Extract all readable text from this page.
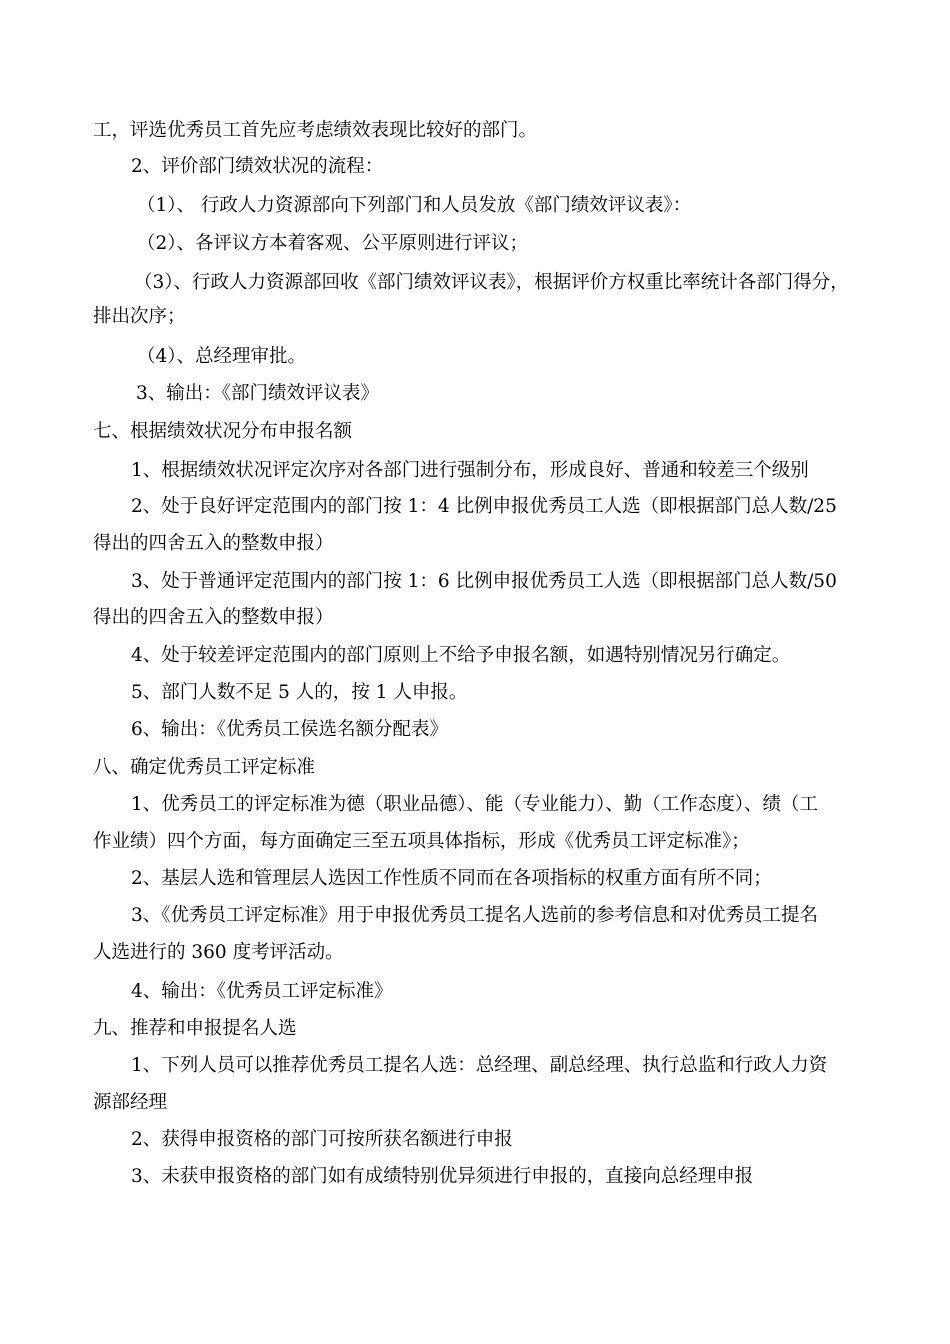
工，评选优秀员工首先应考虑绩效表现比较好的部门。
2、评价部门绩效状况的流程：
（1）、 行政人力资源部向下列部门和人员发放《部门绩效评议表》：
（2）、各评议方本着客观、公平原则进行评议；
（3）、行政人力资源部回收《部门绩效评议表》，根据评价方权重比率统计各部门得分，
排出次序；
（4）、总经理审批。
3、输出：《部门绩效评议表》
七、根据绩效状况分布申报名额
1、根据绩效状况评定次序对各部门进行强制分布，形成良好、普通和较差三个级别
2、处于良好评定范围内的部门按 1：4 比例申报优秀员工人选（即根据部门总人数/25
得出的四舍五入的整数申报）
3、处于普通评定范围内的部门按 1：6 比例申报优秀员工人选（即根据部门总人数/50
得出的四舍五入的整数申报）
4、处于较差评定范围内的部门原则上不给予申报名额，如遇特别情况另行确定。
5、部门人数不足 5 人的，按 1 人申报。
6、输出：《优秀员工侯选名额分配表》
八、确定优秀员工评定标准
1、优秀员工的评定标准为德（职业品德）、能（专业能力）、勤（工作态度）、绩（工
作业绩）四个方面，每方面确定三至五项具体指标，形成《优秀员工评定标准》；
2、基层人选和管理层人选因工作性质不同而在各项指标的权重方面有所不同；
3、《优秀员工评定标准》用于申报优秀员工提名人选前的参考信息和对优秀员工提名
人选进行的 360 度考评活动。
4、输出：《优秀员工评定标准》
九、推荐和申报提名人选
1、下列人员可以推荐优秀员工提名人选：总经理、副总经理、执行总监和行政人力资
源部经理
2、获得申报资格的部门可按所获名额进行申报
3、未获申报资格的部门如有成绩特别优异须进行申报的，直接向总经理申报
